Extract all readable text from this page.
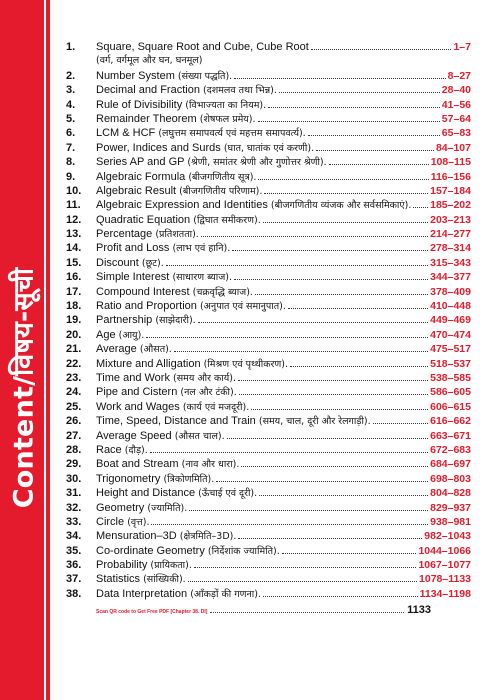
Content/विषय-सूची
1.	Square, Square Root and Cube, Cube Root	1–7
(वर्ग, वर्गमूल और घन, घनमूल)
2.	Number System (संख्या पद्धति).	8–27
3.	Decimal and Fraction (दशमलव तथा भिन्न).	28–40
4.	Rule of Divisibility (विभाज्यता का नियम).	41–56
5.	Remainder Theorem (शेषफल प्रमेय).	57–64
6.	LCM & HCF (लघुत्तम समापवर्त्य एवं महत्तम समापवर्त्य).	65–83
7.	Power, Indices and Surds (घात, घातांक एवं करणी).	84–107
8.	Series AP and GP (श्रेणी, समांतर श्रेणी और गुणोत्तर श्रेणी).	108–115
9.	Algebraic Formula (बीजगणितीय सूत्र).	116–156
10.	Algebraic Result (बीजगणितीय परिणाम).	157–184
11.	Algebraic Expression and Identities (बीजगणितीय व्यंजक और सर्वसमिकाएं). 185–202
12.	Quadratic Equation (द्विघात समीकरण).	203–213
13.	Percentage (प्रतिशतता).	214–277
14.	Profit and Loss (लाभ एवं हानि).	278–314
15.	Discount (छूट).	315–343
16.	Simple Interest (साधारण ब्याज).	344–377
17.	Compound Interest (चक्रवृद्धि ब्याज).	378–409
18.	Ratio and Proportion (अनुपात एवं समानुपात).	410–448
19.	Partnership (साझेदारी).	449–469
20.	Age (आयु).	470–474
21.	Average (औसत).	475–517
22.	Mixture and Alligation (मिश्रण एवं पृथ्थीकरण).	518–537
23.	Time and Work (समय और कार्य).	538–585
24.	Pipe and Cistern (नल और टंकी).	586–605
25.	Work and Wages (कार्य एवं मजदूरी).	606–615
26.	Time, Speed, Distance and Train (समय, चाल, दूरी और रेलगाड़ी).	616–662
27.	Average Speed (औसत चाल).	663–671
28.	Race (दौड़).	672–683
29.	Boat and Stream (नाव और धारा).	684–697
30.	Trigonometry (त्रिकोणमिति).	698–803
31.	Height and Distance (ऊँचाई एवं दूरी).	804–828
32.	Geometry (ज्यामिति).	829–937
33.	Circle (वृत्त).	938–981
34.	Mensuration–3D (क्षेत्रमिति–3D).	982–1043
35.	Co-ordinate Geometry (निर्देशांक ज्यामिति).	1044–1066
36.	Probability (प्रायिकता).	1067–1077
37.	Statistics (सांख्यिकी).	1078–1133
38.	Data Interpretation (आँकड़ों की गणना).	1134–1198
Scan QR code to Get Free PDF [Chapter 38. DI]	1133
